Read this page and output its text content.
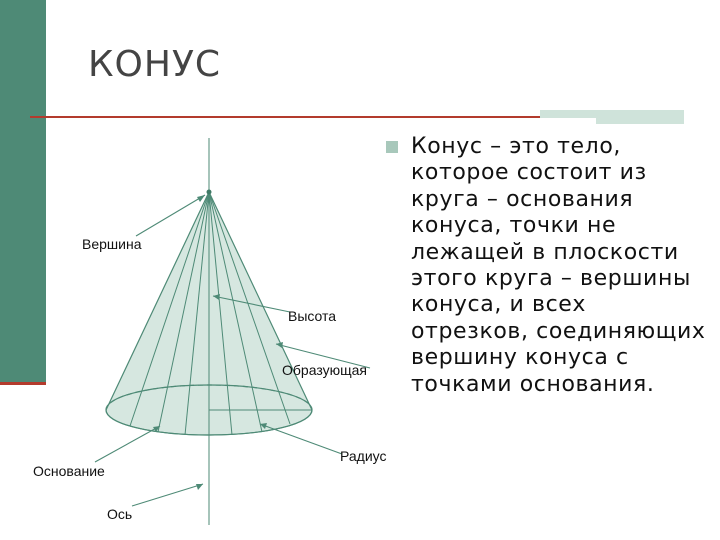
КОНУС
Вершина
Высота
Образующая
Радиус
Основание
Ось
Конус – это тело, которое состоит из круга – основания конуса, точки не лежащей в плоскости этого круга – вершины конуса, и всех отрезков, соединяющих вершину конуса с точками основания.
